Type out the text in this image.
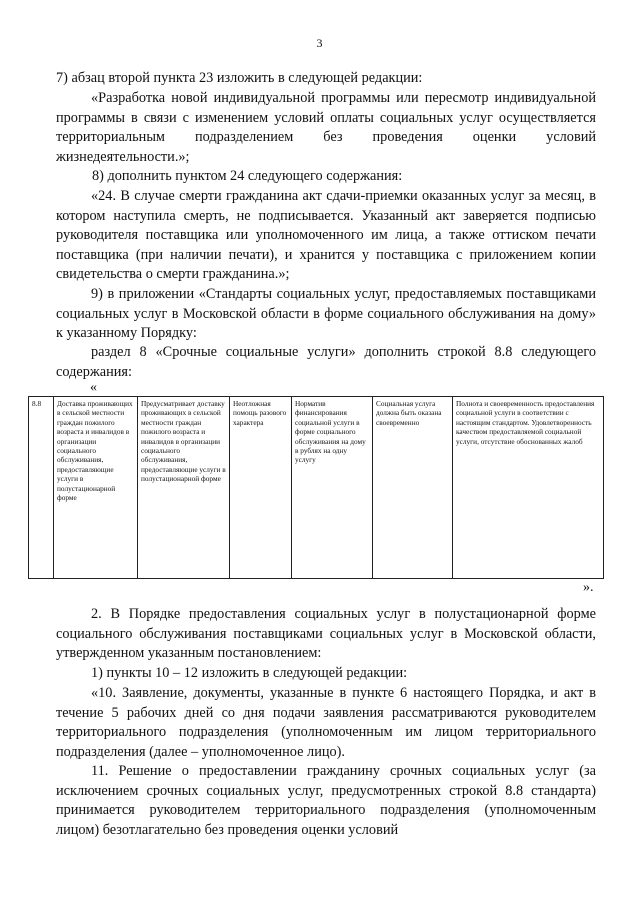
3

7) абзац второй пункта 23 изложить в следующей редакции:

«Разработка новой индивидуальной программы или пересмотр индивидуальной программы в связи с изменением условий оплаты социальных услуг осуществляется территориальным подразделением без проведения оценки условий жизнедеятельности.»;

8) дополнить пунктом 24 следующего содержания:

«24. В случае смерти гражданина акт сдачи-приемки оказанных услуг за месяц, в котором наступила смерть, не подписывается. Указанный акт заверяется подписью руководителя поставщика или уполномоченного им лица, а также оттиском печати поставщика (при наличии печати), и хранится у поставщика с приложением копии свидетельства о смерти гражданина.»;

9) в приложении «Стандарты социальных услуг, предоставляемых поставщиками социальных услуг в Московской области в форме социального обслуживания на дому» к указанному Порядку:

раздел 8 «Срочные социальные услуги» дополнить строкой 8.8 следующего содержания:

«
8.8	Доставка проживающих в сельской местности граждан пожилого возраста и инвалидов в организации социального обслуживания, предоставляющие услуги в полустационарной форме	Предусматривает доставку проживающих в сельской местности граждан пожилого возраста и инвалидов в организации социального обслуживания, предоставляющие услуги в полустационарной форме	Неотложная помощь разового характера	Норматив финансирования социальной услуги в форме социального обслуживания на дому в рублях на одну услугу	Социальная услуга должна быть оказана своевременно	Полнота и своевременность предоставления социальной услуги в соответствии с настоящим стандартом. Удовлетворенность качеством предоставляемой социальной услуги, отсутствие обоснованных жалоб
».

2. В Порядке предоставления социальных услуг в полустационарной форме социального обслуживания поставщиками социальных услуг в Московской области, утвержденном указанным постановлением:

1) пункты 10 – 12 изложить в следующей редакции:

«10. Заявление, документы, указанные в пункте 6 настоящего Порядка, и акт в течение 5 рабочих дней со дня подачи заявления рассматриваются руководителем территориального подразделения (уполномоченным им лицом территориального подразделения (далее – уполномоченное лицо).

11. Решение о предоставлении гражданину срочных социальных услуг (за исключением срочных социальных услуг, предусмотренных строкой 8.8 стандарта) принимается руководителем территориального подразделения (уполномоченным лицом) безотлагательно без проведения оценки условий
